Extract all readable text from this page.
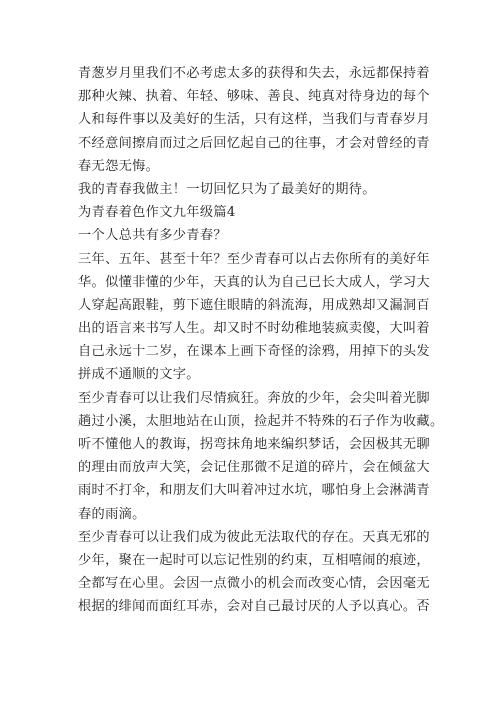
青葱岁月里我们不必考虑太多的获得和失去，永远都保持着
那种火辣、执着、年轻、够味、善良、纯真对待身边的每个
人和每件事以及美好的生活，只有这样，当我们与青春岁月
不经意间擦肩而过之后回忆起自己的往事，才会对曾经的青
春无怨无悔。
我的青春我做主！一切回忆只为了最美好的期待。
为青春着色作文九年级篇4
一个人总共有多少青春？
三年、五年、甚至十年？至少青春可以占去你所有的美好年
华。似懂非懂的少年，天真的认为自己已长大成人，学习大
人穿起高跟鞋，剪下遮住眼睛的斜流海，用成熟却又漏洞百
出的语言来书写人生。却又时不时幼稚地装疯卖傻，大叫着
自己永远十二岁，在课本上画下奇怪的涂鸦，用掉下的头发
拼成不通顺的文字。
至少青春可以让我们尽情疯狂。奔放的少年，会尖叫着光脚
趟过小溪，太胆地站在山顶，捡起并不特殊的石子作为收藏。
听不懂他人的教诲，拐弯抹角地来编织梦话，会因极其无聊
的理由而放声大笑，会记住那微不足道的碎片，会在倾盆大
雨时不打伞，和朋友们大叫着冲过水坑，哪怕身上会淋满青
春的雨滴。
至少青春可以让我们成为彼此无法取代的存在。天真无邪的
少年，聚在一起时可以忘记性别的约束，互相嘻闹的痕迹，
全都写在心里。会因一点微小的机会而改变心情，会因毫无
根据的绯闻而面红耳赤，会对自己最讨厌的人予以真心。否
